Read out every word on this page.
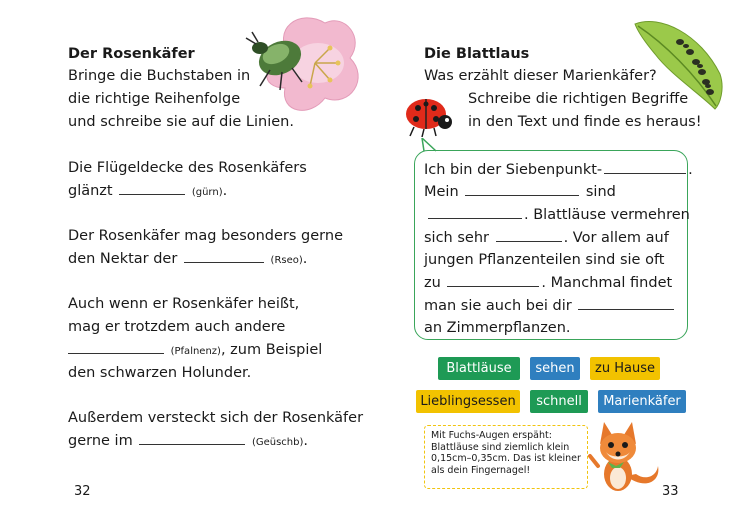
Der Rosenkäfer
Bringe die Buchstaben in
die richtige Reihenfolge
und schreibe sie auf die Linien.
Die Flügeldecke des Rosenkäfers
glänzt	(gürn).
Der Rosenkäfer mag besonders gerne
den Nektar der	(Rseo).
Auch wenn er Rosenkäfer heißt,
mag er trotzdem auch andere
(Pfalnenz), zum Beispiel
den schwarzen Holunder.
Außerdem versteckt sich der Rosenkäfer
gerne im	(Geüschb).
32
Die Blattlaus
Was erzählt dieser Marienkäfer?
Schreibe die richtigen Begriffe
in den Text und finde es heraus!
Ich bin der Siebenpunkt-	.
Mein	sind
. Blattläuse vermehren
sich sehr	. Vor allem auf
jungen Pflanzenteilen sind sie oft
zu	. Manchmal findet
man sie auch bei dir
an Zimmerpflanzen.
Blattläuse	sehen	zu Hause
Lieblingsessen	schnell	Marienkäfer
Mit Fuchs-Augen erspäht:
Blattläuse sind ziemlich klein
0,15cm–0,35cm. Das ist kleiner
als dein Fingernagel!
33
